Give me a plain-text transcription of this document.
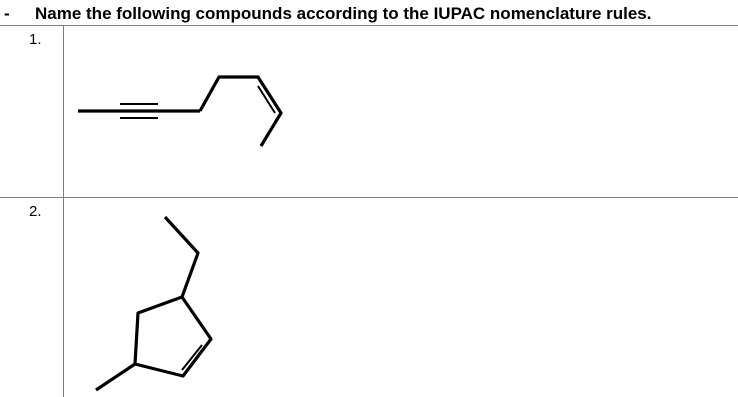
- Name the following compounds according to the IUPAC nomenclature rules.
1.
2.
